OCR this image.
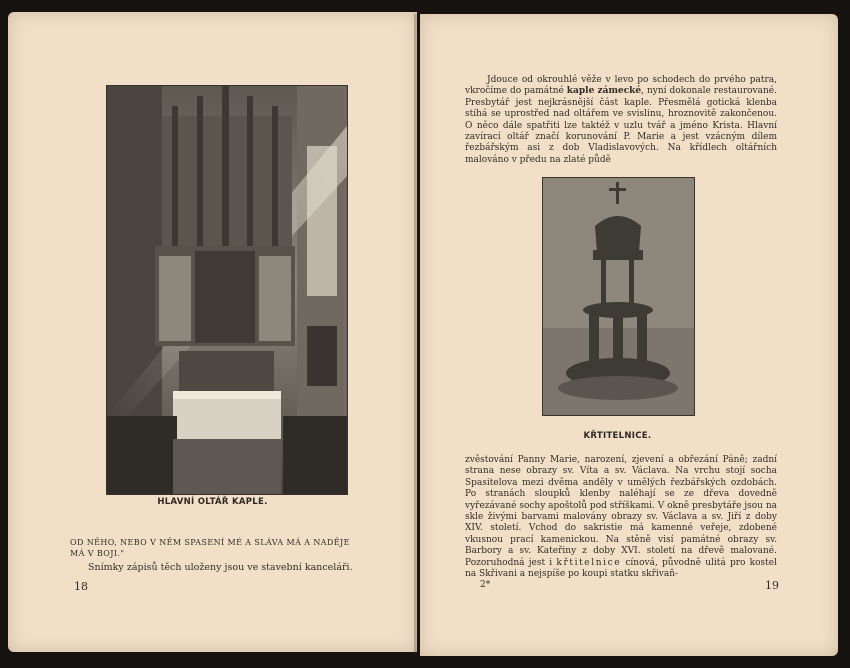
HLAVNÍ OLTÁŘ KAPLE.
OD NĚHO, NEBO V NĚM SPASENÍ MÉ A SLÁVA MÁ A NADĚJE MÁ V BOJI."
Snímky zápisů těch uloženy jsou ve stavební kanceláři.
18
Jdouce od okrouhlé věže v levo po schodech do prvého patra, vkročíme do památné kaple zámecké, nyní dokonale restaurované. Presbytář jest nejkrásnější část kaple. Přesmělá gotická klenba stíhá se uprostřed nad oltářem ve svislinu, hroznovitě zakončenou. O něco dále spatřiti lze taktéž v uzlu tvář a jméno Krista. Hlavní zavírací oltář značí korunování P. Marie a jest vzácným dílem řezbářským asi z dob Vladislavových. Na křídlech oltářních malováno v předu na zlaté půdě
KŘTITELNICE.
zvěstování Panny Marie, narození, zjevení a obřezání Páně; zadní strana nese obrazy sv. Víta a sv. Václava. Na vrchu stojí socha Spasitelova mezi dvěma anděly v umělých řezbářských ozdobách. Po stranách sloupků klenby naléhají se ze dřeva dovedně vyřezávané sochy apoštolů pod stříškami. V okně presbytáře jsou na skle živými barvami malovány obrazy sv. Václava a sv. Jiří z doby XIV. století. Vchod do sakristie má kamenné veřeje, zdobené vkusnou prací kamenickou. Na stěně visí památné obrazy sv. Barbory a sv. Kateřiny z doby XVI. století na dřevě malované. Pozoruhodná jest i křtitelnice cínová, původně ulitá pro kostel na Skřivani a nejspíše po koupi statku skřivaň-
2*	19
